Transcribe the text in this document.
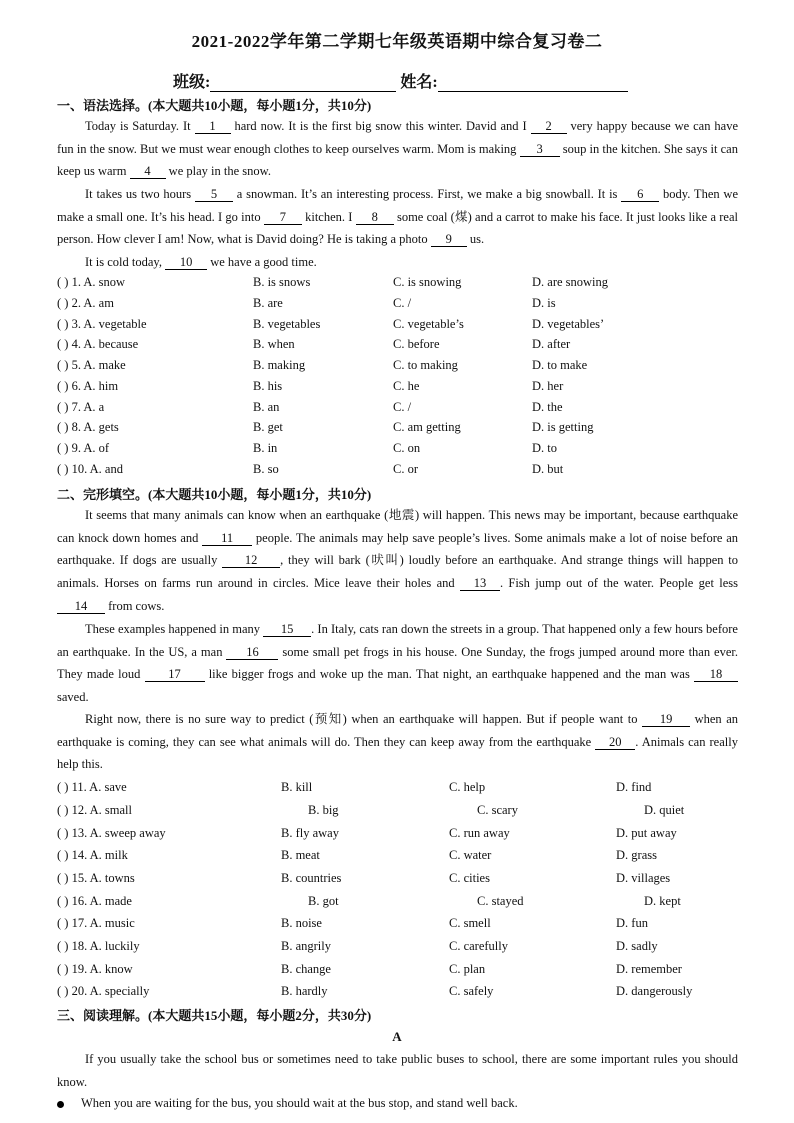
2021-2022学年第二学期七年级英语期中综合复习卷二
班级:	姓名:
一、语法选择。(本大题共10小题，每小题1分，共10分)

Today is Saturday. It 1 hard now. It is the first big snow this winter. David and I 2 very happy because we can have fun in the snow. But we must wear enough clothes to keep ourselves warm. Mom is making 3 soup in the kitchen. She says it can keep us warm 4 we play in the snow.

It takes us two hours 5 a snowman. It’s an interesting process. First, we make a big snowball. It is 6 body. Then we make a small one. It’s his head. I go into 7 kitchen. I 8 some coal (煤) and a carrot to make his face. It just looks like a real person. How clever I am! Now, what is David doing? He is taking a photo 9 us.

It is cold today, 10 we have a good time.

( ) 1. A. snow	B. is snows	C. is snowing	D. are snowing
( ) 2. A. am	B. are	C. /	D. is
( ) 3. A. vegetable	B. vegetables	C. vegetable’s	D. vegetables’
( ) 4. A. because	B. when	C. before	D. after
( ) 5. A. make	B. making	C. to making	D. to make
( ) 6. A. him	B. his	C. he	D. her
( ) 7. A. a	B. an	C. /	D. the
( ) 8. A. gets	B. get	C. am getting	D. is getting
( ) 9. A. of	B. in	C. on	D. to
( ) 10. A. and	B. so	C. or	D. but
二、完形填空。(本大题共10小题，每小题1分，共10分)

It seems that many animals can know when an earthquake (地震) will happen. This news may be important, because earthquake can knock down homes and 11 people. The animals may help save people’s lives. Some animals make a lot of noise before an earthquake. If dogs are usually 12 , they will bark (吠叫) loudly before an earthquake. And strange things will happen to animals. Horses on farms run around in circles. Mice leave their holes and 13 . Fish jump out of the water. People get less 14 from cows.

These examples happened in many 15 . In Italy, cats ran down the streets in a group. That happened only a few hours before an earthquake. In the US, a man 16 some small pet frogs in his house. One Sunday, the frogs jumped around more than ever. They made loud 17 like bigger frogs and woke up the man. That night, an earthquake happened and the man was 18 saved.

Right now, there is no sure way to predict (预知) when an earthquake will happen. But if people want to 19 when an earthquake is coming, they can see what animals will do. Then they can keep away from the earthquake 20 . Animals can really help this.

( ) 11. A. save	B. kill	C. help	D. find
( ) 12. A. small	B. big	C. scary	D. quiet
( ) 13. A. sweep away	B. fly away	C. run away	D. put away
( ) 14. A. milk	B. meat	C. water	D. grass
( ) 15. A. towns	B. countries	C. cities	D. villages
( ) 16. A. made	B. got	C. stayed	D. kept
( ) 17. A. music	B. noise	C. smell	D. fun
( ) 18. A. luckily	B. angrily	C. carefully	D. sadly
( ) 19. A. know	B. change	C. plan	D. remember
( ) 20. A. specially	B. hardly	C. safely	D. dangerously
三、阅读理解。(本大题共15小题，每小题2分，共30分)
A

If you usually take the school bus or sometimes need to take public buses to school, there are some important rules you should know.

When you are waiting for the bus, you should wait at the bus stop, and stand well back.
